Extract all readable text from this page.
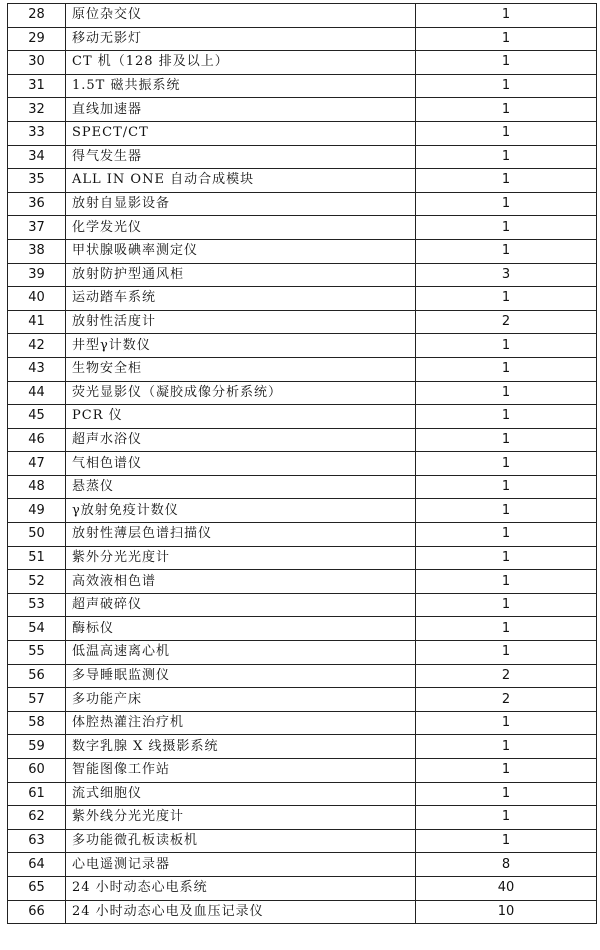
28	原位杂交仪	1
29	移动无影灯	1
30	CT 机（128 排及以上）	1
31	1.5T 磁共振系统	1
32	直线加速器	1
33	SPECT/CT	1
34	得气发生器	1
35	ALL IN ONE 自动合成模块	1
36	放射自显影设备	1
37	化学发光仪	1
38	甲状腺吸碘率测定仪	1
39	放射防护型通风柜	3
40	运动踏车系统	1
41	放射性活度计	2
42	井型γ计数仪	1
43	生物安全柜	1
44	荧光显影仪（凝胶成像分析系统）	1
45	PCR 仪	1
46	超声水浴仪	1
47	气相色谱仪	1
48	悬蒸仪	1
49	γ放射免疫计数仪	1
50	放射性薄层色谱扫描仪	1
51	紫外分光光度计	1
52	高效液相色谱	1
53	超声破碎仪	1
54	酶标仪	1
55	低温高速离心机	1
56	多导睡眠监测仪	2
57	多功能产床	2
58	体腔热灌注治疗机	1
59	数字乳腺 X 线摄影系统	1
60	智能图像工作站	1
61	流式细胞仪	1
62	紫外线分光光度计	1
63	多功能微孔板读板机	1
64	心电遥测记录器	8
65	24 小时动态心电系统	40
66	24 小时动态心电及血压记录仪	10
